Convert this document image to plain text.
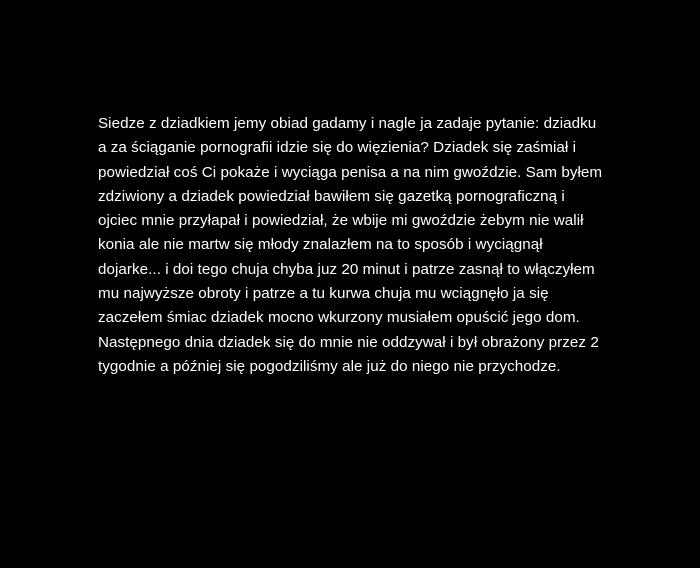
Siedze z dziadkiem jemy obiad gadamy i nagle ja zadaje pytanie: dziadku a za ściąganie pornografii idzie się do więzienia? Dziadek się zaśmiał i powiedział coś Ci pokaże i wyciąga penisa a na nim gwoździe. Sam byłem zdziwiony a dziadek powiedział bawiłem się gazetką pornograficzną i ojciec mnie przyłapał i powiedział, że wbije mi gwoździe żebym nie walił konia ale nie martw się młody znalazłem na to sposób i wyciągnął dojarke... i doi tego chuja chyba juz 20 minut i patrze zasnął to włączyłem mu najwyższe obroty i patrze a tu kurwa chuja mu wciągnęło ja się zaczełem śmiac dziadek mocno wkurzony musiałem opuścić jego dom. Następnego dnia dziadek się do mnie nie oddzywał i był obrażony przez 2 tygodnie a później się pogodziliśmy ale już do niego nie przychodze.
